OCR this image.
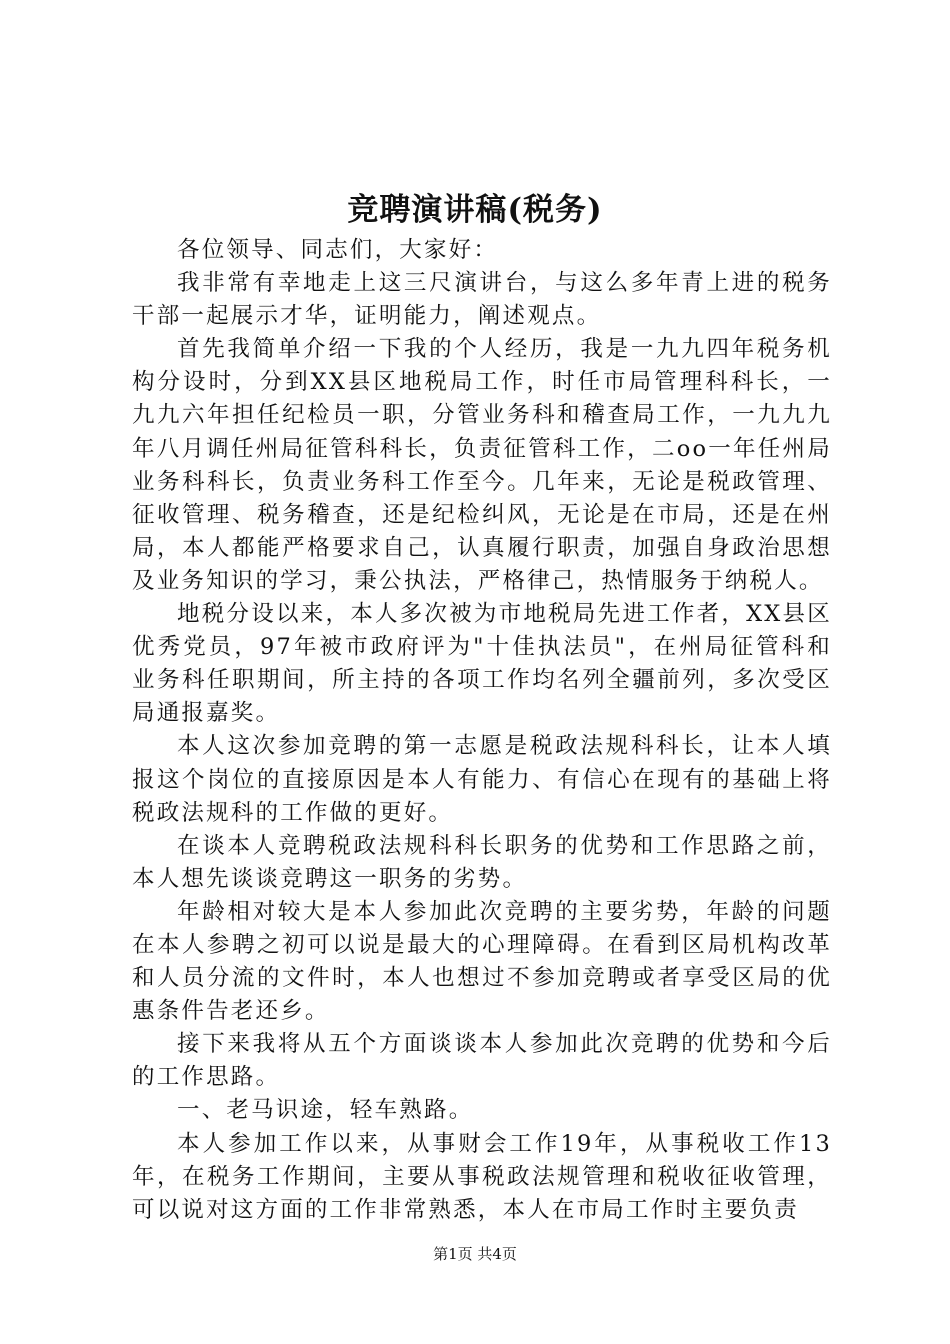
竞聘演讲稿(税务)

各位领导、同志们，大家好：

我非常有幸地走上这三尺演讲台，与这么多年青上进的税务干部一起展示才华，证明能力，阐述观点。

首先我简单介绍一下我的个人经历，我是一九九四年税务机构分设时，分到XX县区地税局工作，时任市局管理科科长，一九九六年担任纪检员一职，分管业务科和稽查局工作，一九九九年八月调任州局征管科科长，负责征管科工作，二oo一年任州局业务科科长，负责业务科工作至今。几年来，无论是税政管理、征收管理、税务稽查，还是纪检纠风，无论是在市局，还是在州局，本人都能严格要求自己，认真履行职责，加强自身政治思想及业务知识的学习，秉公执法，严格律己，热情服务于纳税人。

地税分设以来，本人多次被为市地税局先进工作者，XX县区优秀党员，97年被市政府评为"十佳执法员"，在州局征管科和业务科任职期间，所主持的各项工作均名列全疆前列，多次受区局通报嘉奖。

本人这次参加竞聘的第一志愿是税政法规科科长，让本人填报这个岗位的直接原因是本人有能力、有信心在现有的基础上将税政法规科的工作做的更好。

在谈本人竞聘税政法规科科长职务的优势和工作思路之前，本人想先谈谈竞聘这一职务的劣势。

年龄相对较大是本人参加此次竞聘的主要劣势，年龄的问题在本人参聘之初可以说是最大的心理障碍。在看到区局机构改革和人员分流的文件时，本人也想过不参加竞聘或者享受区局的优惠条件告老还乡。

接下来我将从五个方面谈谈本人参加此次竞聘的优势和今后的工作思路。

一、老马识途，轻车熟路。

本人参加工作以来，从事财会工作19年，从事税收工作13年，在税务工作期间，主要从事税政法规管理和税收征收管理，可以说对这方面的工作非常熟悉，本人在市局工作时主要负责

第1页 共4页
